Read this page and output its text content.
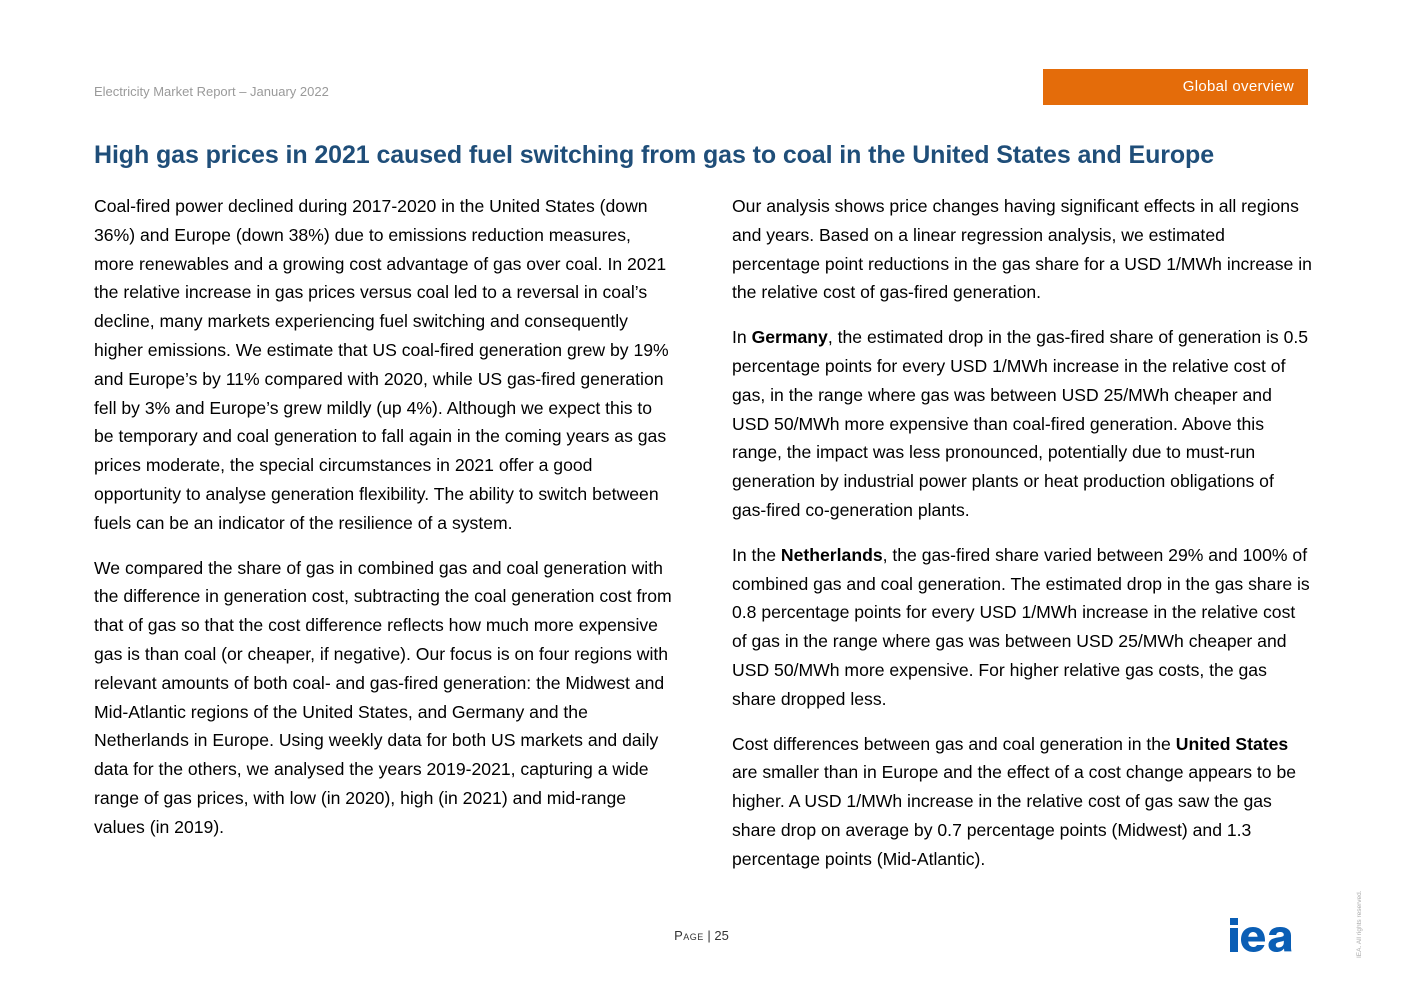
Electricity Market Report – January 2022	Global overview
High gas prices in 2021 caused fuel switching from gas to coal in the United States and Europe

Coal-fired power declined during 2017-2020 in the United States (down 36%) and Europe (down 38%) due to emissions reduction measures, more renewables and a growing cost advantage of gas over coal. In 2021 the relative increase in gas prices versus coal led to a reversal in coal’s decline, many markets experiencing fuel switching and consequently higher emissions. We estimate that US coal-fired generation grew by 19% and Europe’s by 11% compared with 2020, while US gas-fired generation fell by 3% and Europe’s grew mildly (up 4%). Although we expect this to be temporary and coal generation to fall again in the coming years as gas prices moderate, the special circumstances in 2021 offer a good opportunity to analyse generation flexibility. The ability to switch between fuels can be an indicator of the resilience of a system.

We compared the share of gas in combined gas and coal generation with the difference in generation cost, subtracting the coal generation cost from that of gas so that the cost difference reflects how much more expensive gas is than coal (or cheaper, if negative). Our focus is on four regions with relevant amounts of both coal- and gas-fired generation: the Midwest and Mid-Atlantic regions of the United States, and Germany and the Netherlands in Europe. Using weekly data for both US markets and daily data for the others, we analysed the years 2019-2021, capturing a wide range of gas prices, with low (in 2020), high (in 2021) and mid-range values (in 2019).

Our analysis shows price changes having significant effects in all regions and years. Based on a linear regression analysis, we estimated percentage point reductions in the gas share for a USD 1/MWh increase in the relative cost of gas-fired generation.

In Germany, the estimated drop in the gas-fired share of generation is 0.5 percentage points for every USD 1/MWh increase in the relative cost of gas, in the range where gas was between USD 25/MWh cheaper and USD 50/MWh more expensive than coal-fired generation. Above this range, the impact was less pronounced, potentially due to must-run generation by industrial power plants or heat production obligations of gas-fired co-generation plants.

In the Netherlands, the gas-fired share varied between 29% and 100% of combined gas and coal generation. The estimated drop in the gas share is 0.8 percentage points for every USD 1/MWh increase in the relative cost of gas in the range where gas was between USD 25/MWh cheaper and USD 50/MWh more expensive. For higher relative gas costs, the gas share dropped less.

Cost differences between gas and coal generation in the United States are smaller than in Europe and the effect of a cost change appears to be higher. A USD 1/MWh increase in the relative cost of gas saw the gas share drop on average by 0.7 percentage points (Midwest) and 1.3 percentage points (Mid-Atlantic).

Page | 25	IEA. All rights reserved.
